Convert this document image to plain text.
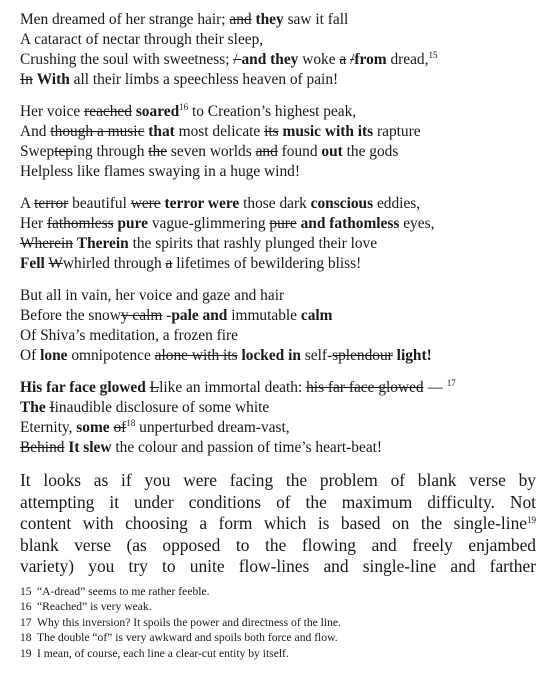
Men dreamed of her strange hair; and they saw it fall
A cataract of nectar through their sleep,
Crushing the soul with sweetness; / and they woke a /from dread,$^{15}$
In With all their limbs a speechless heaven of pain!
Her voice reached soared$^{16}$ to Creation’s highest peak,
And though a music that most delicate its music with its rapture
Swepteping through the seven worlds and found out the gods
Helpless like flames swaying in a huge wind!
A terror beautiful were terror were those dark conscious eddies,
Her fathomless pure vague-glimmering pure and fathomless eyes,
Wherein Therein the spirits that rashly plunged their love
Fell Wwhirled through a lifetimes of bewildering bliss!
But all in vain, her voice and gaze and hair
Before the snowy calm -pale and immutable calm
Of Shiva’s meditation, a frozen fire
Of lone omnipotence alone with its locked in self-splendour light!
His far face glowed Llike an immortal death: his far face glowed — $^{17}$
The Iinaudible disclosure of some white
Eternity, some $of^{18}$ unperturbed dream-vast,
Behind It slew the colour and passion of time’s heart-beat!
It looks as if you were facing the problem of blank verse by
attempting it under conditions of the maximum difficulty. Not
content with choosing a form which is based on the single-line$^{19}$
blank verse (as opposed to the flowing and freely enjambed
variety) you try to unite flow-lines and single-line and farther
15 “A-dread” seems to me rather feeble.
16 “Reached” is very weak.
17 Why this inversion? It spoils the power and directness of the line.
18 The double “of” is very awkward and spoils both force and flow.
19 I mean, of course, each line a clear-cut entity by itself.
